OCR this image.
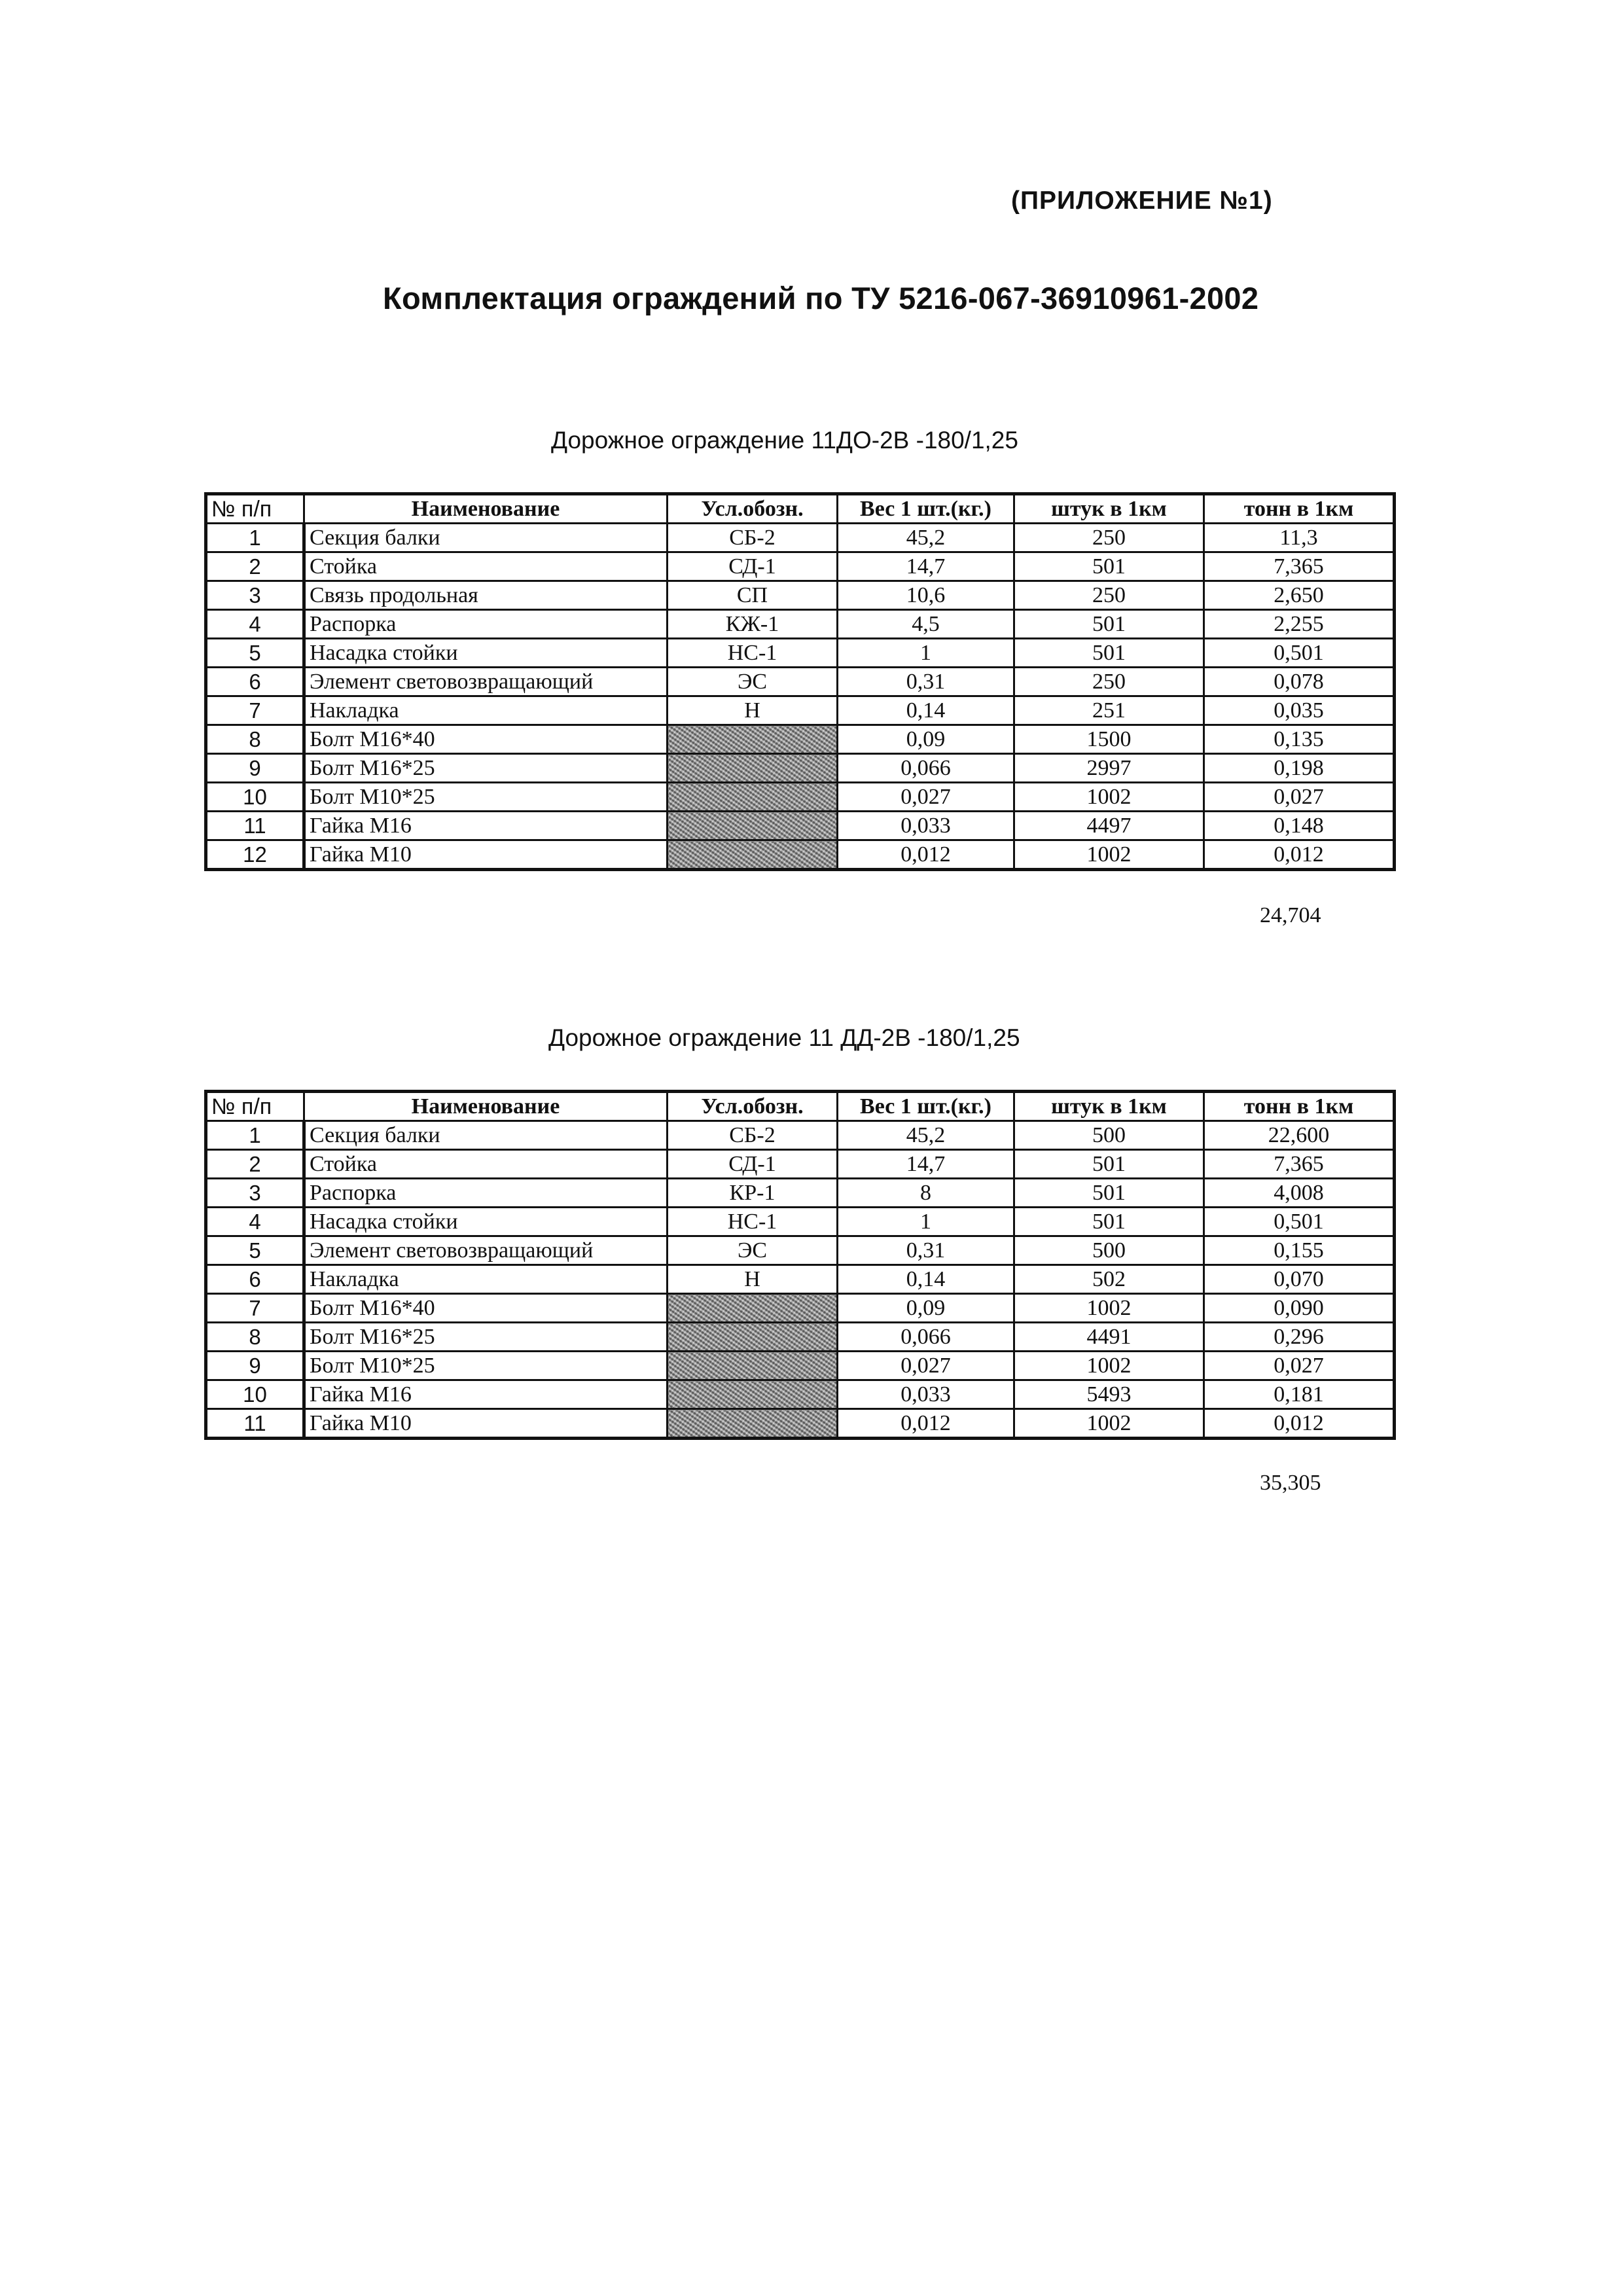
(ПРИЛОЖЕНИЕ №1)
Комплектация ограждений по ТУ 5216-067-36910961-2002
Дорожное ограждение 11ДО-2В -180/1,25
№ п/п	Наименование	Усл.обозн.	Вес 1 шт.(кг.)	штук в 1км	тонн в 1км
1	Секция балки	СБ-2	45,2	250	11,3
2	Стойка	СД-1	14,7	501	7,365
3	Связь продольная	СП	10,6	250	2,650
4	Распорка	КЖ-1	4,5	501	2,255
5	Насадка стойки	НС-1	1	501	0,501
6	Элемент световозвращающий	ЭС	0,31	250	0,078
7	Накладка	Н	0,14	251	0,035
8	Болт М16*40		0,09	1500	0,135
9	Болт М16*25		0,066	2997	0,198
10	Болт М10*25		0,027	1002	0,027
11	Гайка М16		0,033	4497	0,148
12	Гайка М10		0,012	1002	0,012
24,704
Дорожное ограждение 11 ДД-2В -180/1,25
№ п/п	Наименование	Усл.обозн.	Вес 1 шт.(кг.)	штук в 1км	тонн в 1км
1	Секция балки	СБ-2	45,2	500	22,600
2	Стойка	СД-1	14,7	501	7,365
3	Распорка	КР-1	8	501	4,008
4	Насадка стойки	НС-1	1	501	0,501
5	Элемент световозвращающий	ЭС	0,31	500	0,155
6	Накладка	Н	0,14	502	0,070
7	Болт М16*40		0,09	1002	0,090
8	Болт М16*25		0,066	4491	0,296
9	Болт М10*25		0,027	1002	0,027
10	Гайка М16		0,033	5493	0,181
11	Гайка М10		0,012	1002	0,012
35,305
